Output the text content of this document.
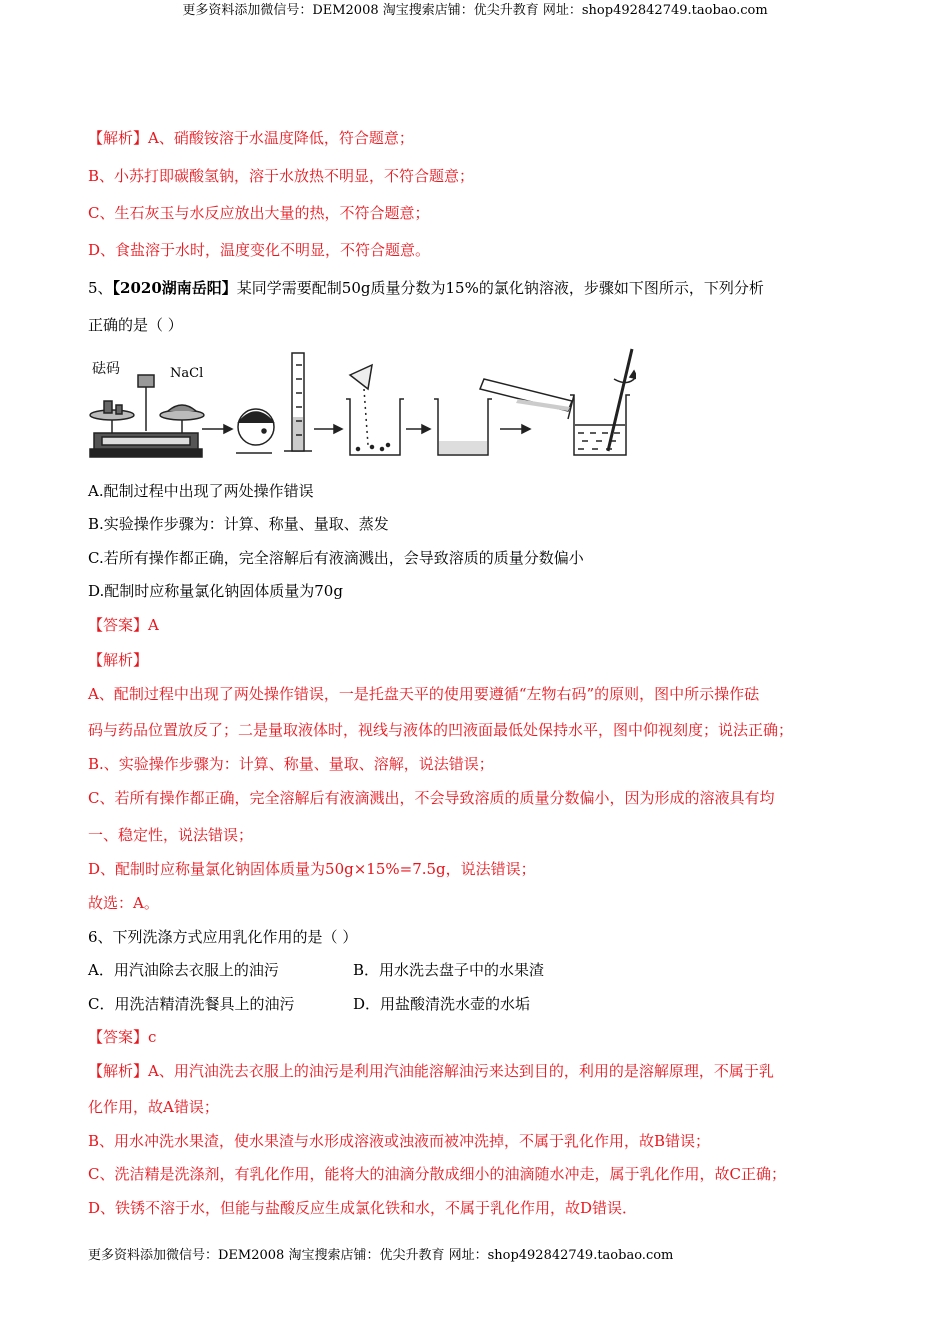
更多资料添加微信号：DEM2008 淘宝搜索店铺：优尖升教育 网址：shop492842749.taobao.com
【解析】A、硝酸铵溶于水温度降低，符合题意；
B、小苏打即碳酸氢钠，溶于水放热不明显，不符合题意；
C、生石灰玉与水反应放出大量的热，不符合题意；
D、食盐溶于水时，温度变化不明显，不符合题意。
5、【2020湖南岳阳】某同学需要配制50g质量分数为15%的氯化钠溶液，步骤如下图所示，下列分析
正确的是（ ）
砝码	NaCl
A.配制过程中出现了两处操作错误
B.实验操作步骤为：计算、称量、量取、蒸发
C.若所有操作都正确，完全溶解后有液滴溅出，会导致溶质的质量分数偏小
D.配制时应称量氯化钠固体质量为70g
【答案】A
【解析】
A、配制过程中出现了两处操作错误，一是托盘天平的使用要遵循“左物右码”的原则，图中所示操作砝
码与药品位置放反了；二是量取液体时，视线与液体的凹液面最低处保持水平，图中仰视刻度；说法正确；
B.、实验操作步骤为：计算、称量、量取、溶解，说法错误；
C、若所有操作都正确，完全溶解后有液滴溅出，不会导致溶质的质量分数偏小，因为形成的溶液具有均
一、稳定性，说法错误；
D、配制时应称量氯化钠固体质量为50g×15%=7.5g，说法错误；
故选：A。
6、下列洗涤方式应用乳化作用的是（ ）
A．用汽油除去衣服上的油污	B．用水洗去盘子中的水果渣
C．用洗洁精清洗餐具上的油污	D．用盐酸清洗水壶的水垢
【答案】c
【解析】A、用汽油洗去衣服上的油污是利用汽油能溶解油污来达到目的，利用的是溶解原理，不属于乳
化作用，故A错误；
B、用水冲洗水果渣，使水果渣与水形成溶液或浊液而被冲洗掉，不属于乳化作用，故B错误；
C、洗洁精是洗涤剂，有乳化作用，能将大的油滴分散成细小的油滴随水冲走，属于乳化作用，故C正确；
D、铁锈不溶于水，但能与盐酸反应生成氯化铁和水，不属于乳化作用，故D错误．
更多资料添加微信号：DEM2008 淘宝搜索店铺：优尖升教育 网址：shop492842749.taobao.com
